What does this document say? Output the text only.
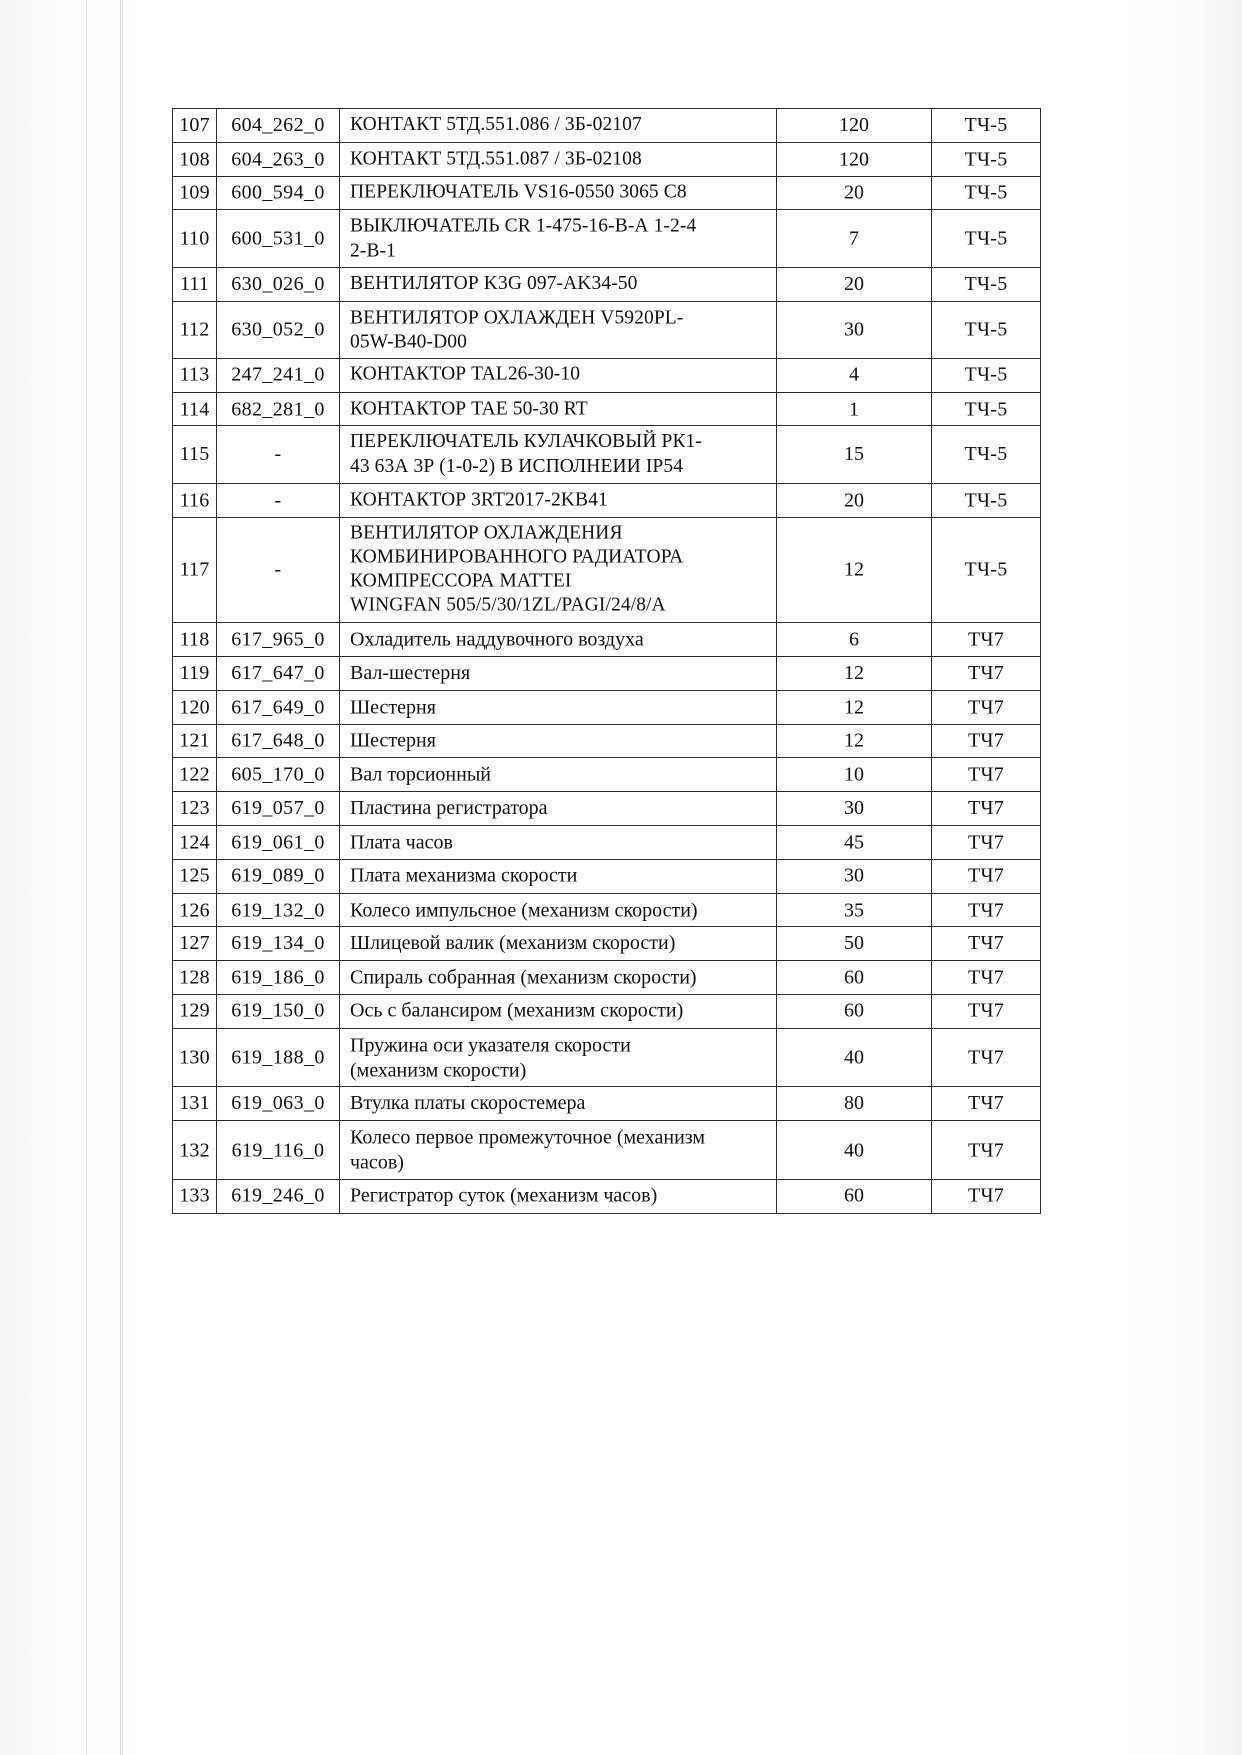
107	604_262_0	КОНТАКТ 5ТД.551.086 / 3Б-02107	120	ТЧ-5

108	604_263_0	КОНТАКТ 5ТД.551.087 / 3Б-02108	120	ТЧ-5

109	600_594_0	ПЕРЕКЛЮЧАТЕЛЬ VS16-0550 3065 С8	20	ТЧ-5

110	600_531_0	ВЫКЛЮЧАТЕЛЬ CR 1-475-16-В-А 1-2-4
2-В-1	7	ТЧ-5

111	630_026_0	ВЕНТИЛЯТОР K3G 097-AK34-50	20	ТЧ-5

112	630_052_0	ВЕНТИЛЯТОР ОХЛАЖДЕН V5920PL-
05W-B40-D00	30	ТЧ-5

113	247_241_0	КОНТАКТОР TAL26-30-10	4	ТЧ-5

114	682_281_0	КОНТАКТОР TAE 50-30 RT	1	ТЧ-5

115	-	ПЕРЕКЛЮЧАТЕЛЬ КУЛАЧКОВЫЙ РК1-
43 63А 3Р (1-0-2) В ИСПОЛНЕИИ IP54	15	ТЧ-5

116	-	КОНТАКТОР 3RT2017-2KB41	20	ТЧ-5

117	-	ВЕНТИЛЯТОР ОХЛАЖДЕНИЯ
КОМБИНИРОВАННОГО РАДИАТОРА
КОМПРЕССОРА MATTEI
WINGFAN 505/5/30/1ZL/PAGI/24/8/A	12	ТЧ-5

118	617_965_0	Охладитель наддувочного воздуха	6	ТЧ7

119	617_647_0	Вал-шестерня	12	ТЧ7

120	617_649_0	Шестерня	12	ТЧ7

121	617_648_0	Шестерня	12	ТЧ7

122	605_170_0	Вал торсионный	10	ТЧ7

123	619_057_0	Пластина регистратора	30	ТЧ7

124	619_061_0	Плата часов	45	ТЧ7

125	619_089_0	Плата механизма скорости	30	ТЧ7

126	619_132_0	Колесо импульсное (механизм скорости)	35	ТЧ7

127	619_134_0	Шлицевой валик (механизм скорости)	50	ТЧ7

128	619_186_0	Спираль собранная (механизм скорости)	60	ТЧ7

129	619_150_0	Ось с балансиром (механизм скорости)	60	ТЧ7

130	619_188_0	Пружина оси указателя скорости
(механизм скорости)	40	ТЧ7

131	619_063_0	Втулка платы скоростемера	80	ТЧ7

132	619_116_0	Колесо первое промежуточное (механизм
часов)	40	ТЧ7

133	619_246_0	Регистратор суток (механизм часов)	60	ТЧ7
